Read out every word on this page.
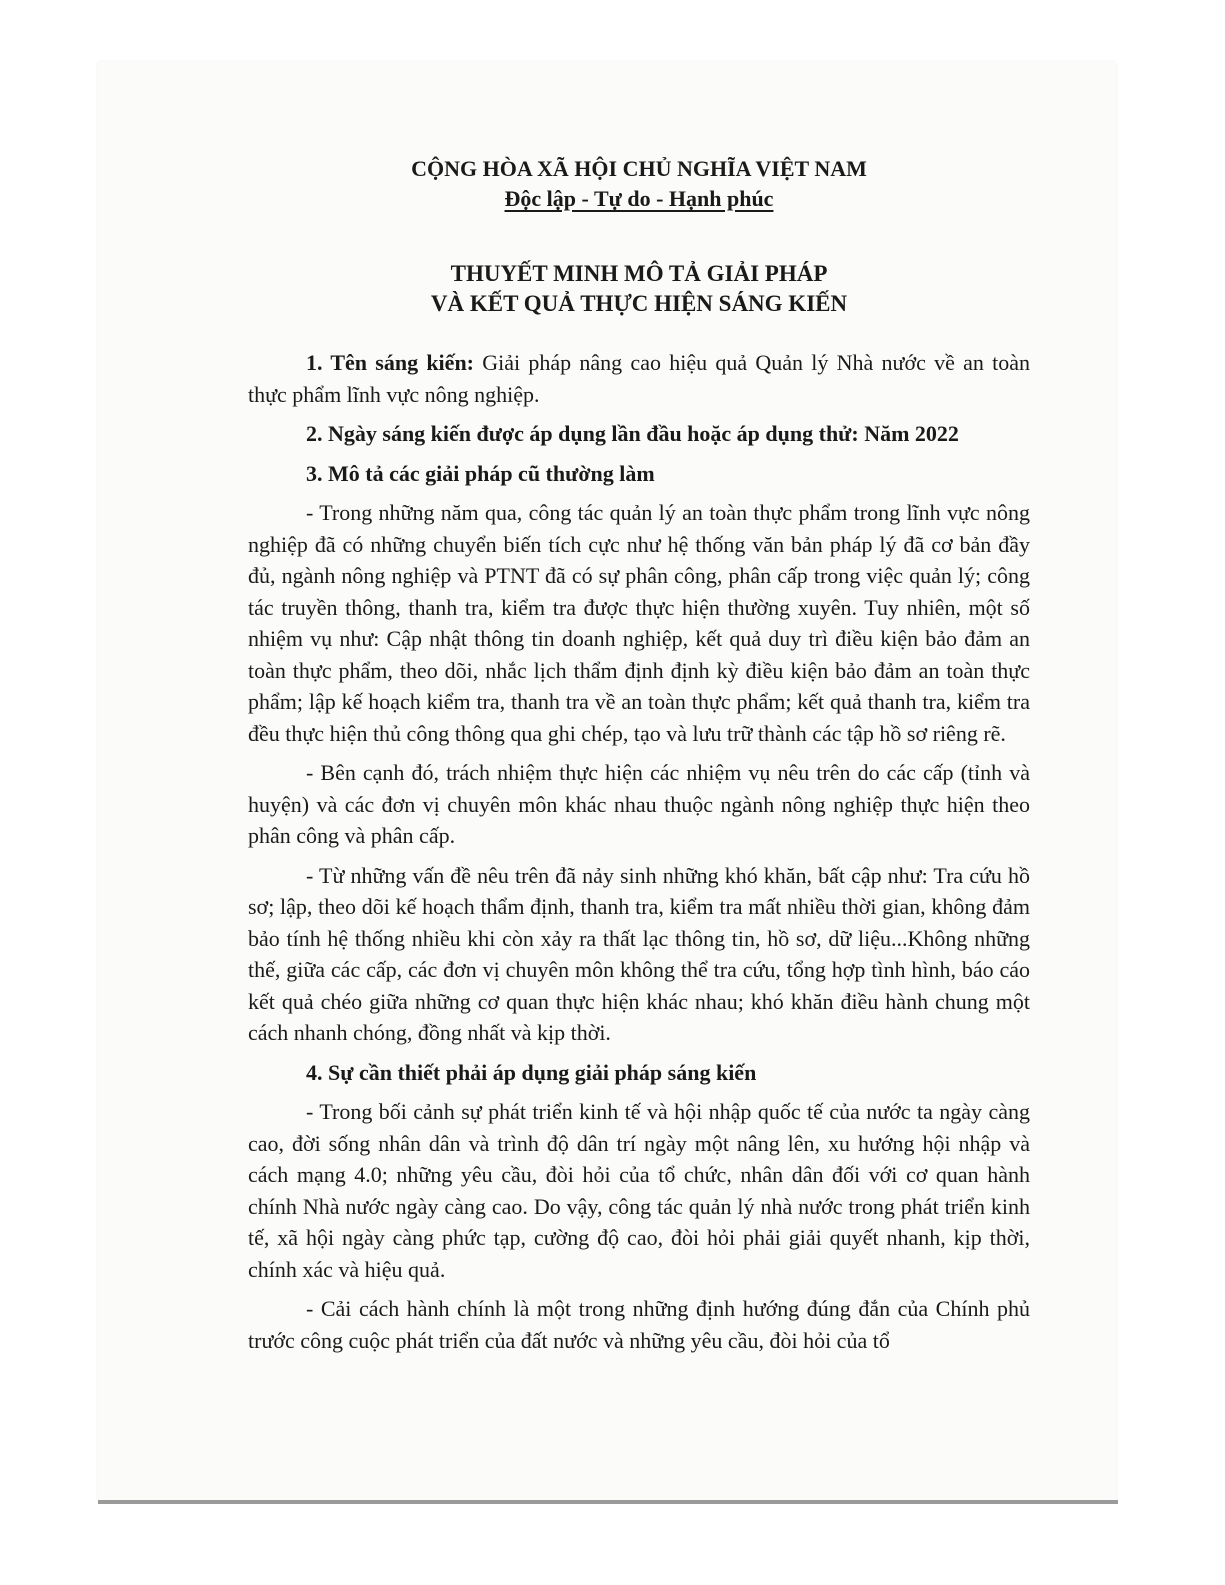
CỘNG HÒA XÃ HỘI CHỦ NGHĨA VIỆT NAM

Độc lập - Tự do - Hạnh phúc

THUYẾT MINH MÔ TẢ GIẢI PHÁP
VÀ KẾT QUẢ THỰC HIỆN SÁNG KIẾN

1. Tên sáng kiến: Giải pháp nâng cao hiệu quả Quản lý Nhà nước về an toàn thực phẩm lĩnh vực nông nghiệp.

2. Ngày sáng kiến được áp dụng lần đầu hoặc áp dụng thử: Năm 2022

3. Mô tả các giải pháp cũ thường làm

- Trong những năm qua, công tác quản lý an toàn thực phẩm trong lĩnh vực nông nghiệp đã có những chuyển biến tích cực như hệ thống văn bản pháp lý đã cơ bản đầy đủ, ngành nông nghiệp và PTNT đã có sự phân công, phân cấp trong việc quản lý; công tác truyền thông, thanh tra, kiểm tra được thực hiện thường xuyên. Tuy nhiên, một số nhiệm vụ như: Cập nhật thông tin doanh nghiệp, kết quả duy trì điều kiện bảo đảm an toàn thực phẩm, theo dõi, nhắc lịch thẩm định định kỳ điều kiện bảo đảm an toàn thực phẩm; lập kế hoạch kiểm tra, thanh tra về an toàn thực phẩm; kết quả thanh tra, kiểm tra đều thực hiện thủ công thông qua ghi chép, tạo và lưu trữ thành các tập hồ sơ riêng rẽ.

- Bên cạnh đó, trách nhiệm thực hiện các nhiệm vụ nêu trên do các cấp (tỉnh và huyện) và các đơn vị chuyên môn khác nhau thuộc ngành nông nghiệp thực hiện theo phân công và phân cấp.

- Từ những vấn đề nêu trên đã nảy sinh những khó khăn, bất cập như: Tra cứu hồ sơ; lập, theo dõi kế hoạch thẩm định, thanh tra, kiểm tra mất nhiều thời gian, không đảm bảo tính hệ thống nhiều khi còn xảy ra thất lạc thông tin, hồ sơ, dữ liệu...Không những thế, giữa các cấp, các đơn vị chuyên môn không thể tra cứu, tổng hợp tình hình, báo cáo kết quả chéo giữa những cơ quan thực hiện khác nhau; khó khăn điều hành chung một cách nhanh chóng, đồng nhất và kịp thời.

4. Sự cần thiết phải áp dụng giải pháp sáng kiến

- Trong bối cảnh sự phát triển kinh tế và hội nhập quốc tế của nước ta ngày càng cao, đời sống nhân dân và trình độ dân trí ngày một nâng lên, xu hướng hội nhập và cách mạng 4.0; những yêu cầu, đòi hỏi của tổ chức, nhân dân đối với cơ quan hành chính Nhà nước ngày càng cao. Do vậy, công tác quản lý nhà nước trong phát triển kinh tế, xã hội ngày càng phức tạp, cường độ cao, đòi hỏi phải giải quyết nhanh, kịp thời, chính xác và hiệu quả.

- Cải cách hành chính là một trong những định hướng đúng đắn của Chính phủ trước công cuộc phát triển của đất nước và những yêu cầu, đòi hỏi của tổ
